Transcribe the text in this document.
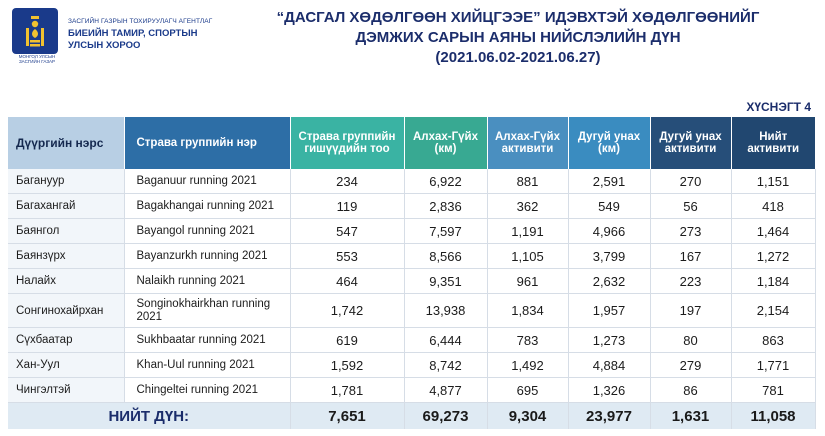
МОНГОЛ УЛСЫН ЗАСГИЙН ГАЗАР
ЗАСГИЙН ГАЗРЫН ТОХИРУУЛАГЧ АГЕНТЛАГ
БИЕИЙН ТАМИР, СПОРТЫН
УЛСЫН ХОРОО
“ДАСГАЛ ХӨДӨЛГӨӨН ХИЙЦГЭЭЕ” ИДЭВХТЭЙ ХӨДӨЛГӨӨНИЙГ
ДЭМЖИХ САРЫН АЯНЫ НИЙСЛЭЛИЙН ДҮН
(2021.06.02-2021.06.27)
ХҮСНЭГТ 4
Дүүргийн нэрс	Страва группийн нэр	Страва группийн гишүүдийн тоо	Алхах-Гүйх (км)	Алхах-Гүйх активити	Дугуй унах (км)	Дугуй унах активити	Нийт активити
Багануур	Baganuur running 2021	234	6,922	881	2,591	270	1,151
Багахангай	Bagakhangai running 2021	119	2,836	362	549	56	418
Баянгол	Bayangol running 2021	547	7,597	1,191	4,966	273	1,464
Баянзүрх	Bayanzurkh running 2021	553	8,566	1,105	3,799	167	1,272
Налайх	Nalaikh running 2021	464	9,351	961	2,632	223	1,184
Сонгинохайрхан	Songinokhairkhan running 2021	1,742	13,938	1,834	1,957	197	2,154
Сүхбаатар	Sukhbaatar running 2021	619	6,444	783	1,273	80	863
Хан-Уул	Khan-Uul running 2021	1,592	8,742	1,492	4,884	279	1,771
Чингэлтэй	Chingeltei running 2021	1,781	4,877	695	1,326	86	781
НИЙТ ДҮН:		7,651	69,273	9,304	23,977	1,631	11,058
